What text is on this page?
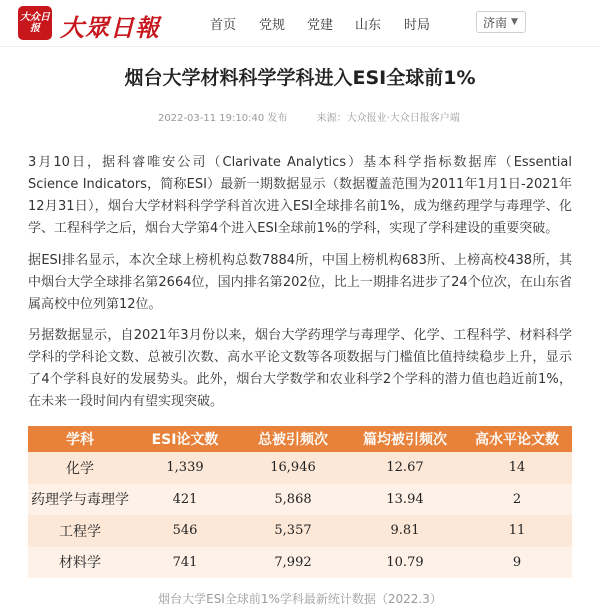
大众日报 大眾日報	首页 党规 党建 山东 时局	济南 ▼
烟台大学材料科学学科进入ESI全球前1%
2022-03-11 19:10:40 发布	来源：大众报业·大众日报客户端

3月10日，据科睿唯安公司（Clarivate Analytics）基本科学指标数据库（Essential Science Indicators，简称ESI）最新一期数据显示（数据覆盖范围为2011年1月1日-2021年12月31日），烟台大学材料科学学科首次进入ESI全球排名前1%，成为继药理学与毒理学、化学、工程科学之后，烟台大学第4个进入ESI全球前1%的学科，实现了学科建设的重要突破。

据ESI排名显示，本次全球上榜机构总数7884所，中国上榜机构683所、上榜高校438所，其中烟台大学全球排名第2664位，国内排名第202位，比上一期排名进步了24个位次，在山东省属高校中位列第12位。

另据数据显示，自2021年3月份以来，烟台大学药理学与毒理学、化学、工程科学、材料科学学科的学科论文数、总被引次数、高水平论文数等各项数据与门槛值比值持续稳步上升，显示了4个学科良好的发展势头。此外，烟台大学数学和农业科学2个学科的潜力值也趋近前1%，在未来一段时间内有望实现突破。

学科	ESI论文数	总被引频次	篇均被引频次	高水平论文数
化学	1,339	16,946	12.67	14
药理学与毒理学	421	5,868	13.94	2
工程学	546	5,357	9.81	11
材料学	741	7,992	10.79	9
烟台大学ESI全球前1%学科最新统计数据（2022.3）
